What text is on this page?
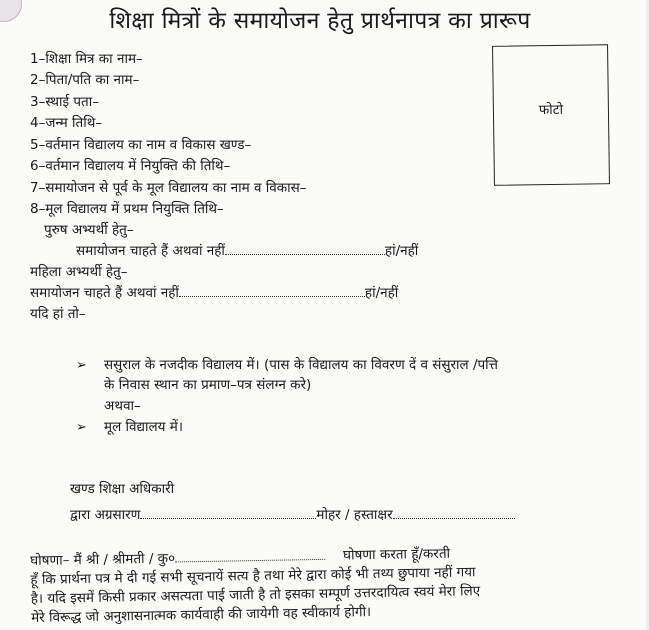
शिक्षा मित्रों के समायोजन हेतु प्रार्थनापत्र का प्रारूप
फोटो
1–शिक्षा मित्र का नाम–
2–पिता/पति का नाम–
3–स्थाई पता–
4–जन्म तिथि–
5–वर्तमान विद्यालय का नाम व विकास खण्ड–
6–वर्तमान विद्यालय में नियुक्ति की तिथि–
7–समायोजन से पूर्व के मूल विद्यालय का नाम व विकास–
8–मूल विद्यालय में प्रथम नियुक्ति तिथि–
पुरुष अभ्यर्थी हेतु–
समायोजन चाहते हैं अथवां नहीं	हां/नहीं
महिला अभ्यर्थी हेतु–
समायोजन चाहते हैं अथवां नहीं	हां/नहीं
यदि हां तो–
➢ ससुराल के नजदीक विद्यालय में। (पास के विद्यालय का विवरण दें व संसुराल /पत्ति
के निवास स्थान का प्रमाण–पत्र संलग्न करे)
अथवा–
➢ मूल विद्यालय में।
खण्ड शिक्षा अधिकारी
द्वारा अग्रसारण	मोहर / हस्ताक्षर
घोषणा– मैं श्री / श्रीमती / कु०	घोषणा करता हूँ/करती
हूँ कि प्रार्थना पत्र मे दी गई सभी सूचनायें सत्य है तथा मेरे द्वारा कोई भी तथ्य छुपाया नहीं गया
है। यदि इसमें किसी प्रकार असत्यता पाई जाती है तो इसका सम्पूर्ण उत्तरदायित्व स्वयं मेरा लिए
मेरे विरूद्ध जो अनुशासनात्मक कार्यवाही की जायेगी वह स्वीकार्य होगी।
